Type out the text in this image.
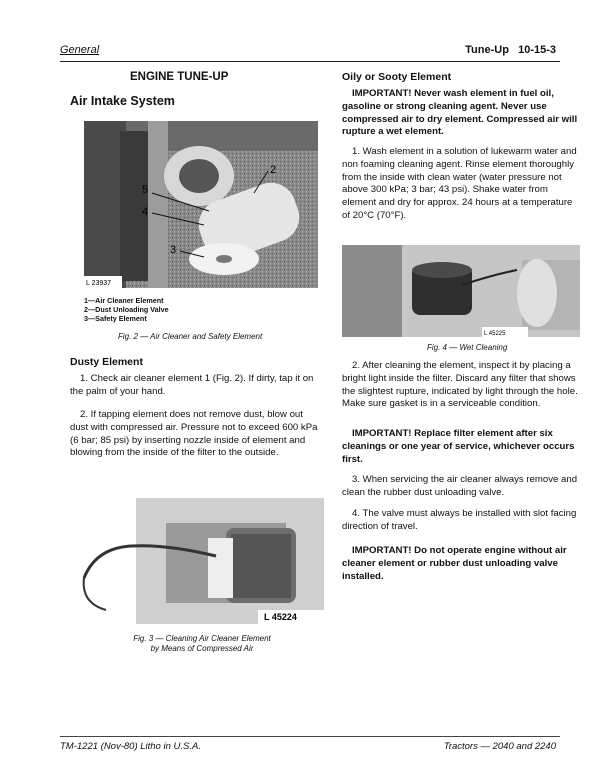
General	Tune-Up   10-15-3
ENGINE TUNE-UP
Air Intake System
5
4
2
3
L 23937
1—Air Cleaner Element
2—Dust Unloading Valve
3—Safety Element
Fig. 2 — Air Cleaner and Safety Element
Dusty Element
1. Check air cleaner element 1 (Fig. 2). If dirty, tap it on the palm of your hand.
2. If tapping element does not remove dust, blow out dust with compressed air. Pressure not to exceed 600 kPa (6 bar; 85 psi) by inserting nozzle inside of element and blowing from the inside of the filter to the outside.
L 45224
Fig. 3 — Cleaning Air Cleaner Element
by Means of Compressed Air
Oily or Sooty Element
IMPORTANT! Never wash element in fuel oil, gasoline or strong cleaning agent. Never use compressed air to dry element. Compressed air will rupture a wet element.
1. Wash element in a solution of lukewarm water and non foaming cleaning agent. Rinse element thoroughly from the inside with clean water (water pressure not above 300 kPa; 3 bar; 43 psi). Shake water from element and dry for approx. 24 hours at a temperature of 20°C (70°F).
L 45225
Fig. 4 — Wet Cleaning
2. After cleaning the element, inspect it by placing a bright light inside the filter. Discard any filter that shows the slightest rupture, indicated by light through the hole. Make sure gasket is in a serviceable condition.
IMPORTANT! Replace filter element after six cleanings or one year of service, whichever occurs first.
3. When servicing the air cleaner always remove and clean the rubber dust unloading valve.
4. The valve must always be installed with slot facing direction of travel.
IMPORTANT! Do not operate engine without air cleaner element or rubber dust unloading valve installed.
TM-1221 (Nov-80) Litho in U.S.A.	Tractors — 2040 and 2240
